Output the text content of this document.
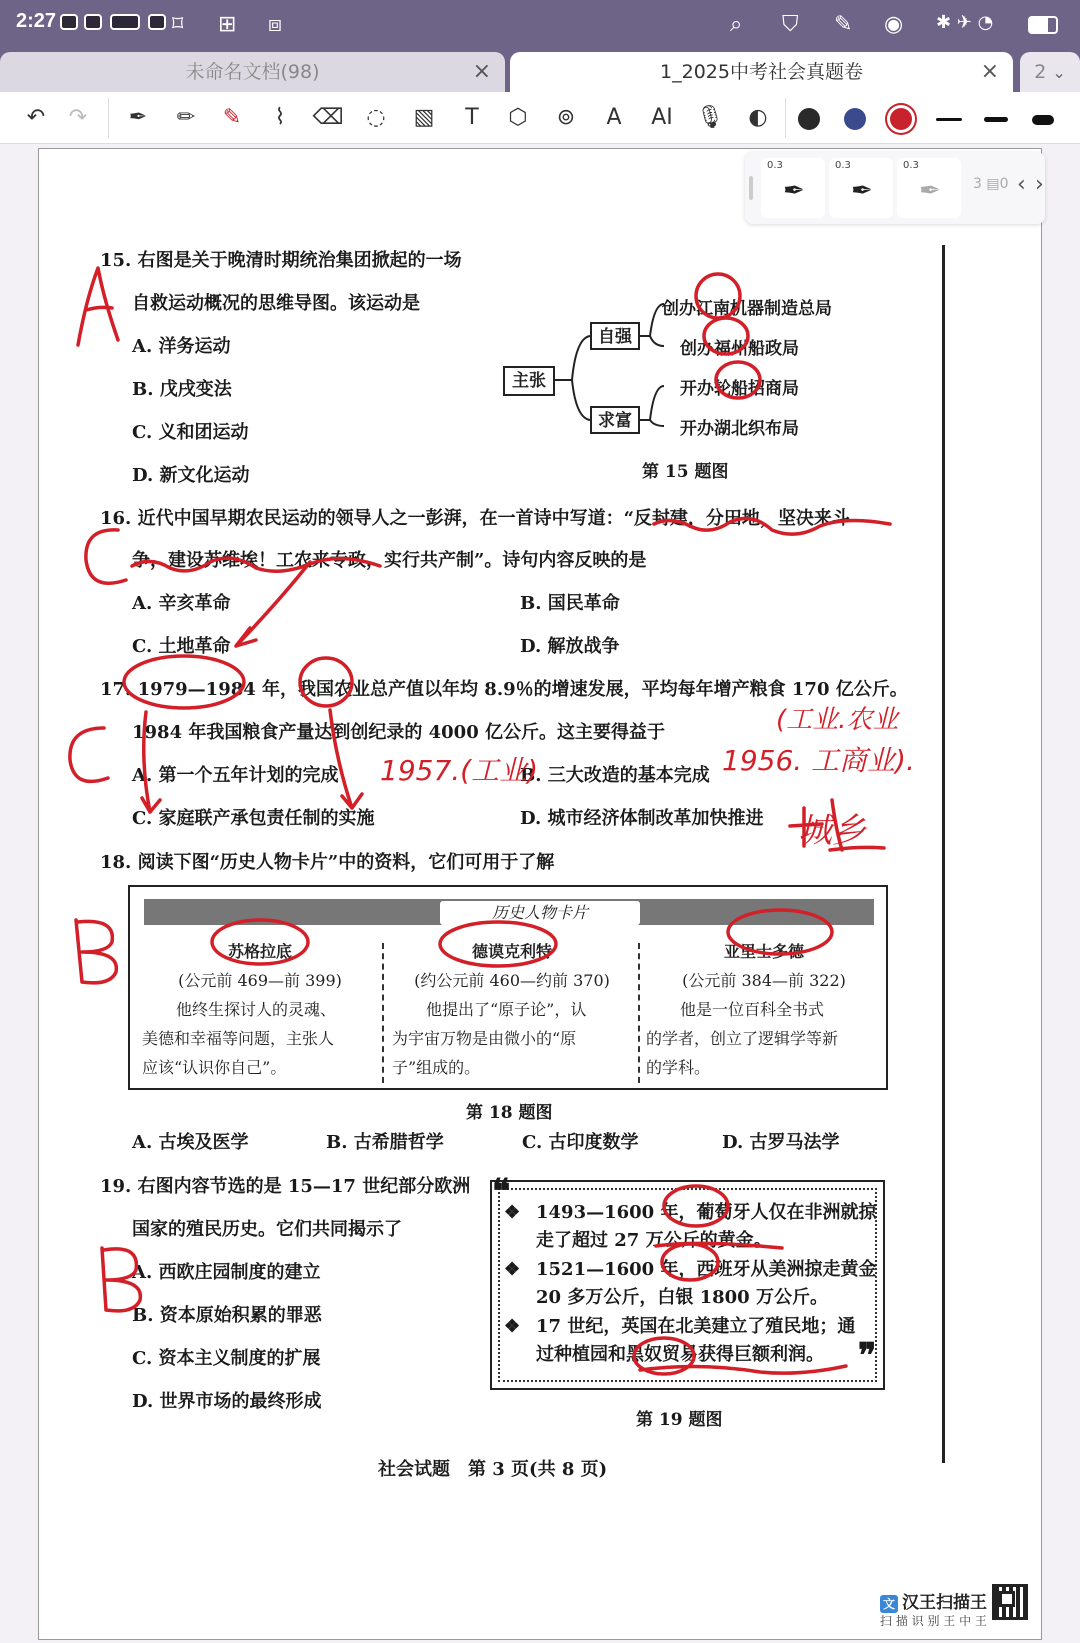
2:27	⌑ ⊞ ⧈	⌕ ⛉ ✎ ◉ ✱ ✈ ◔
未命名文档(98)	×	1_2025中考社会真题卷	×	2 ⌄
↶	↷	✒	✏	✎	⌇	⌫	◌	▧	T	⬡	⊚	A	AI	🎙	◐
0.3
✒
0.3
✒
0.3
✒ 3 ▤0 ‹ ›
15. 右图是关于晚清时期统治集团掀起的一场
自救运动概况的思维导图。该运动是
A. 洋务运动
B. 戊戌变法
C. 义和团运动
D. 新文化运动
主张
自强
求富
创办江南机器制造总局
创办福州船政局
开办轮船招商局
开办湖北织布局
第 15 题图
16. 近代中国早期农民运动的领导人之一彭湃，在一首诗中写道：“反封建，分田地，坚决来斗
争，建设苏维埃！工农来专政，实行共产制”。诗句内容反映的是
A. 辛亥革命	B. 国民革命
C. 土地革命	D. 解放战争
17. 1979—1984 年，我国农业总产值以年均 8.9％的增速发展，平均每年增产粮食 170 亿公斤。
1984 年我国粮食产量达到创纪录的 4000 亿公斤。这主要得益于
A. 第一个五年计划的完成	B. 三大改造的基本完成
C. 家庭联产承包责任制的实施	D. 城市经济体制改革加快推进
18. 阅读下图“历史人物卡片”中的资料，它们可用于了解
历史人物卡片
苏格拉底
(公元前 469—前 399)
他终生探讨人的灵魂、
美德和幸福等问题，主张人
应该“认识你自己”。
德谟克利特
(约公元前 460—约前 370)
他提出了“原子论”，认
为宇宙万物是由微小的“原
子”组成的。
亚里士多德
(公元前 384—前 322)
他是一位百科全书式
的学者，创立了逻辑学等新
的学科。
第 18 题图
A. 古埃及医学	B. 古希腊哲学	C. 古印度数学	D. 古罗马法学
19. 右图内容节选的是 15—17 世纪部分欧洲
国家的殖民历史。它们共同揭示了
A. 西欧庄园制度的建立
B. 资本原始积累的罪恶
C. 资本主义制度的扩展
D. 世界市场的最终形成
❝
❞
❖ 1493—1600 年，葡萄牙人仅在非洲就掠
走了超过 27 万公斤的黄金。
❖ 1521—1600 年，西班牙从美洲掠走黄金
20 多万公斤，白银 1800 万公斤。
❖ 17 世纪，英国在北美建立了殖民地；通
过种植园和黑奴贸易获得巨额利润。
第 19 题图
社会试题　第 3 页(共 8 页)
文 汉王扫描王
扫 描 识 别 王 中 王
1957.(工业)	1956. 工商业).
(工业.农业
城乡
